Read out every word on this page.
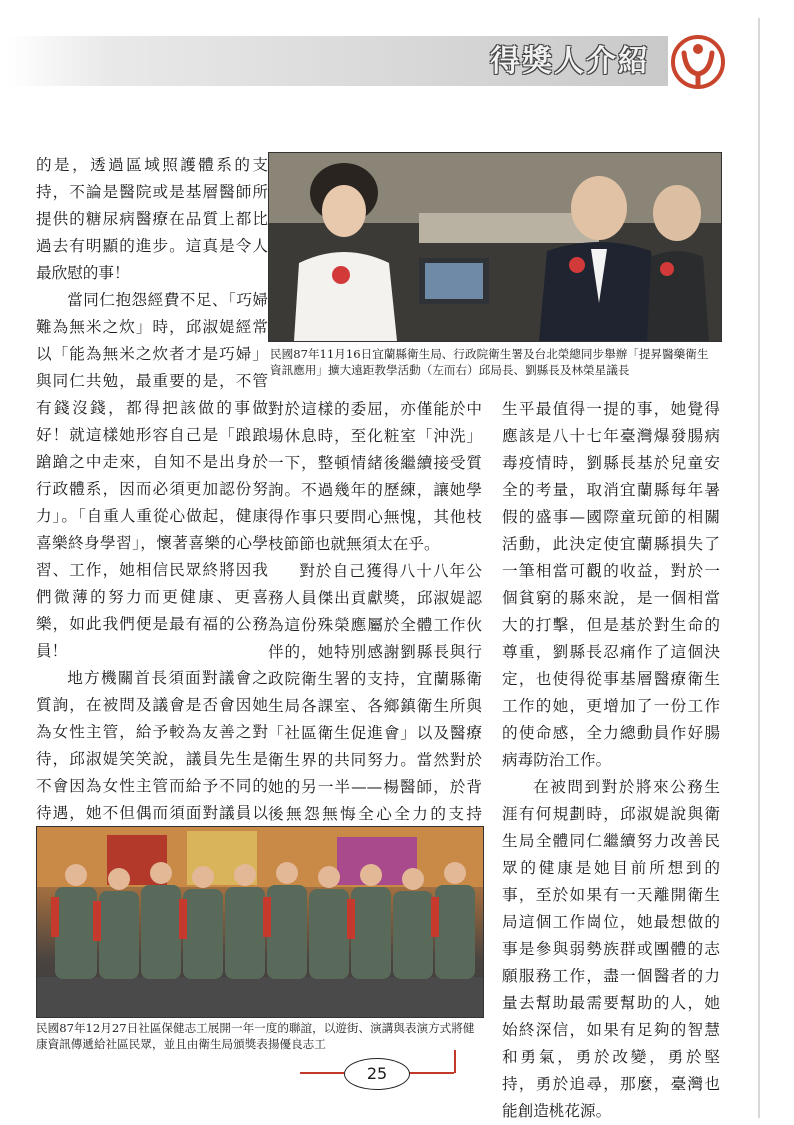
得獎人介紹

的是，透過區域照護體系的支持，不論是醫院或是基層醫師所提供的糖尿病醫療在品質上都比過去有明顯的進步。這真是令人最欣慰的事！

當同仁抱怨經費不足、「巧婦難為無米之炊」時，邱淑媞經常以「能為無米之炊者才是巧婦」與同仁共勉，最重要的是，不管有錢沒錢，都得把該做的事做好！就這樣她形容自己是「踉踉蹌蹌之中走來，自知不是出身於行政體系，因而必須更加認份努力」。「自重人重從心做起，健康喜樂終身學習」，懷著喜樂的心學習、工作，她相信民眾終將因我們微薄的努力而更健康、更喜樂，如此我們便是最有福的公務員！

地方機關首長須面對議會之質詢，在被問及議會是否會因她為女性主管，給予較為友善之對待，邱淑媞笑笑說，議員先生是不會因為女性主管而給予不同的待遇，她不但偶而須面對議員以

民國87年11月16日宜蘭縣衛生局、行政院衛生署及台北榮總同步舉辦「提昇醫藥衛生資訊應用」擴大遠距教學活動（左而右）邱局長、劉縣長及林榮星議長

對於這樣的委屈，亦僅能於中場休息時，至化粧室「沖洗」一下，整頓情緒後繼續接受質詢。不過幾年的歷練，讓她學得作事只要問心無愧，其他枝枝節節也就無須太在乎。

對於自己獲得八十八年公務人員傑出貢獻獎，邱淑媞認為這份殊榮應屬於全體工作伙伴的，她特別感謝劉縣長與行政院衛生署的支持，宜蘭縣衛生局各課室、各鄉鎮衛生所與「社區衛生促進會」以及醫療衛生界的共同努力。當然對於她的另一半——楊醫師，於背後無怨無悔全心全力的支持

生平最值得一提的事，她覺得應該是八十七年臺灣爆發腸病毒疫情時，劉縣長基於兒童安全的考量，取消宜蘭縣每年暑假的盛事—國際童玩節的相關活動，此決定使宜蘭縣損失了一筆相當可觀的收益，對於一個貧窮的縣來說，是一個相當大的打擊，但是基於對生命的尊重，劉縣長忍痛作了這個決定，也使得從事基層醫療衛生工作的她，更增加了一份工作的使命感，全力總動員作好腸病毒防治工作。

在被問到對於將來公務生涯有何規劃時，邱淑媞說與衛生局全體同仁繼續努力改善民眾的健康是她目前所想到的事，至於如果有一天離開衛生局這個工作崗位，她最想做的事是參與弱勢族群或團體的志願服務工作，盡一個醫者的力量去幫助最需要幫助的人，她始終深信，如果有足夠的智慧和勇氣，勇於改變，勇於堅持，勇於追尋，那麼，臺灣也能創造桃花源。

民國87年12月27日社區保健志工展開一年一度的聯誼，以遊街、演講與表演方式將健康資訊傳遞給社區民眾，並且由衛生局頒獎表揚優良志工
25
